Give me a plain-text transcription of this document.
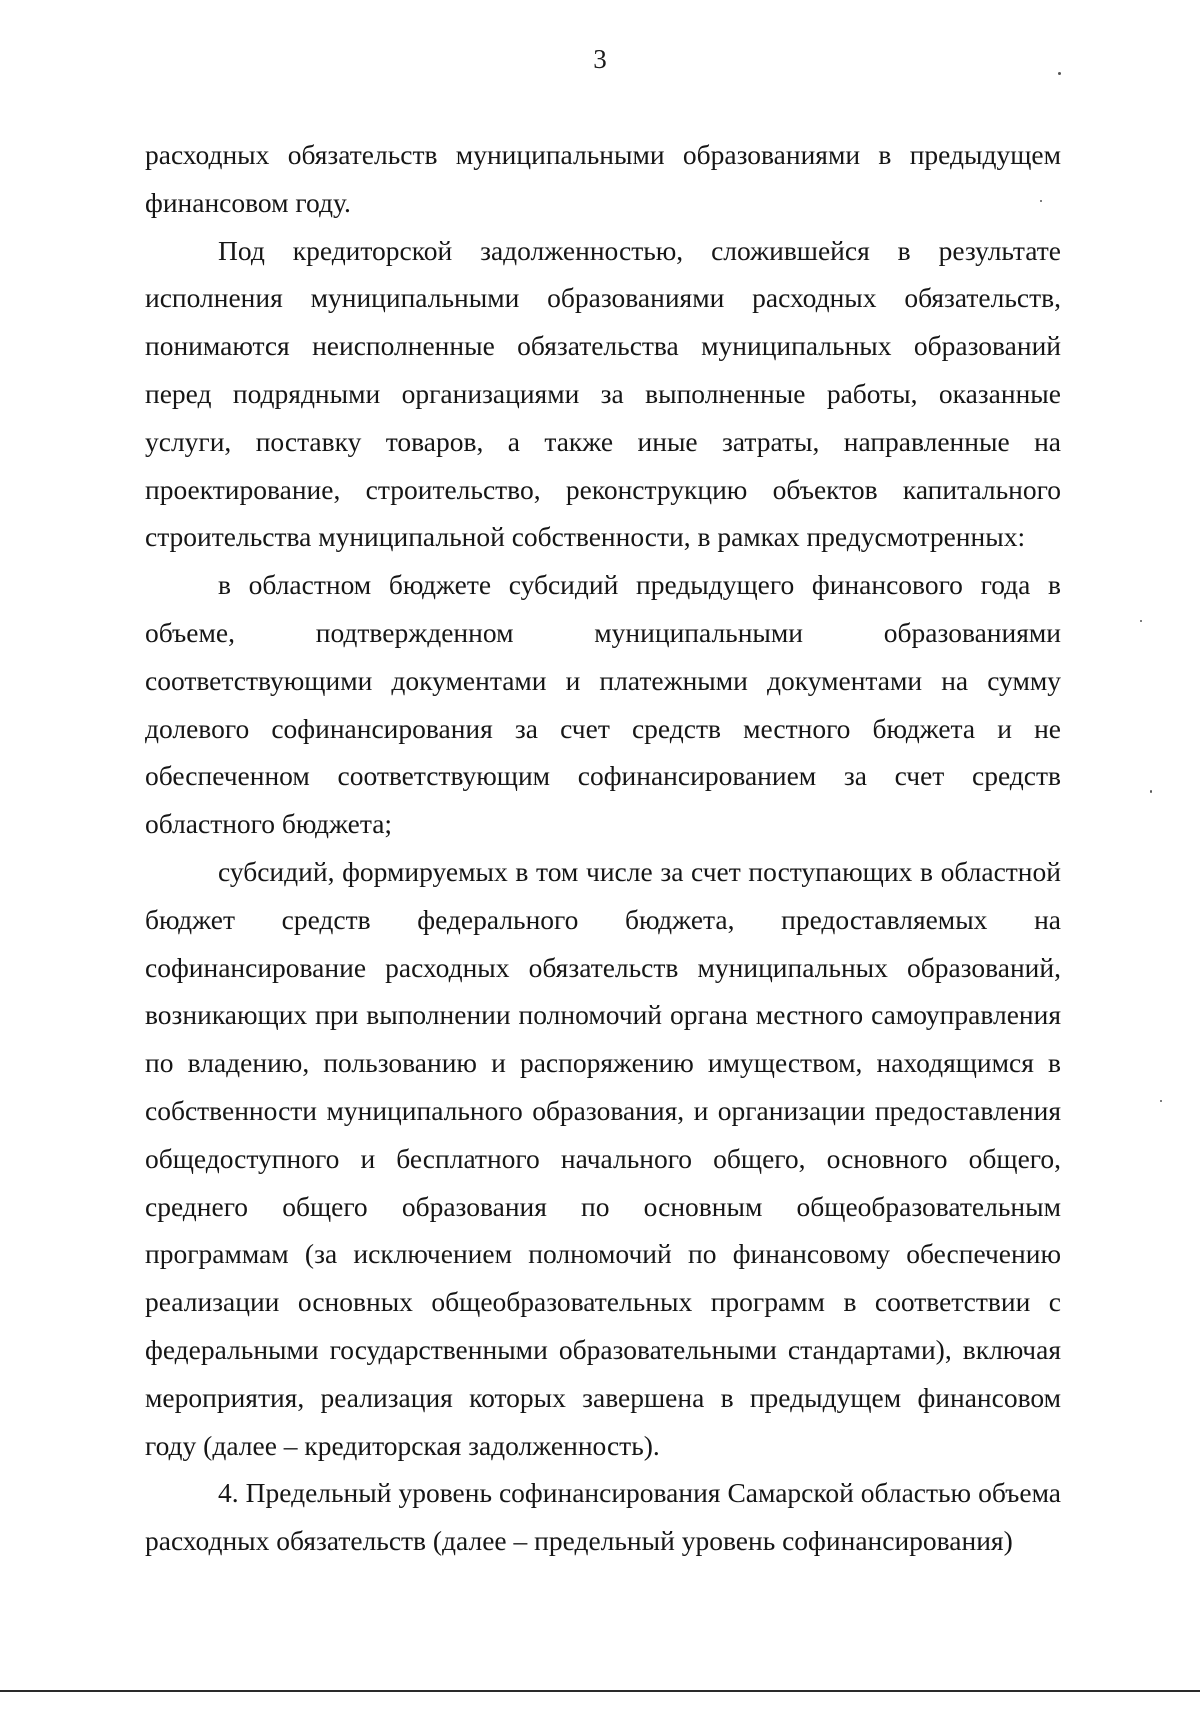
3

расходных обязательств муниципальными образованиями в предыдущем финансовом году.

Под кредиторской задолженностью, сложившейся в результате исполнения муниципальными образованиями расходных обязательств, понимаются неисполненные обязательства муниципальных образований перед подрядными организациями за выполненные работы, оказанные услуги, поставку товаров, а также иные затраты, направленные на проектирование, строительство, реконструкцию объектов капитального строительства муниципальной собственности, в рамках предусмотренных:

в областном бюджете субсидий предыдущего финансового года в объеме, подтвержденном муниципальными образованиями соответствующими документами и платежными документами на сумму долевого софинансирования за счет средств местного бюджета и не обеспеченном соответствующим софинансированием за счет средств областного бюджета;

субсидий, формируемых в том числе за счет поступающих в областной бюджет средств федерального бюджета, предоставляемых на софинансирование расходных обязательств муниципальных образований, возникающих при выполнении полномочий органа местного самоуправления по владению, пользованию и распоряжению имуществом, находящимся в собственности муниципального образования, и организации предоставления общедоступного и бесплатного начального общего, основного общего, среднего общего образования по основным общеобразовательным программам (за исключением полномочий по финансовому обеспечению реализации основных общеобразовательных программ в соответствии с федеральными государственными образовательными стандартами), включая мероприятия, реализация которых завершена в предыдущем финансовом году (далее – кредиторская задолженность).

4. Предельный уровень софинансирования Самарской областью объема расходных обязательств (далее – предельный уровень софинансирования)
